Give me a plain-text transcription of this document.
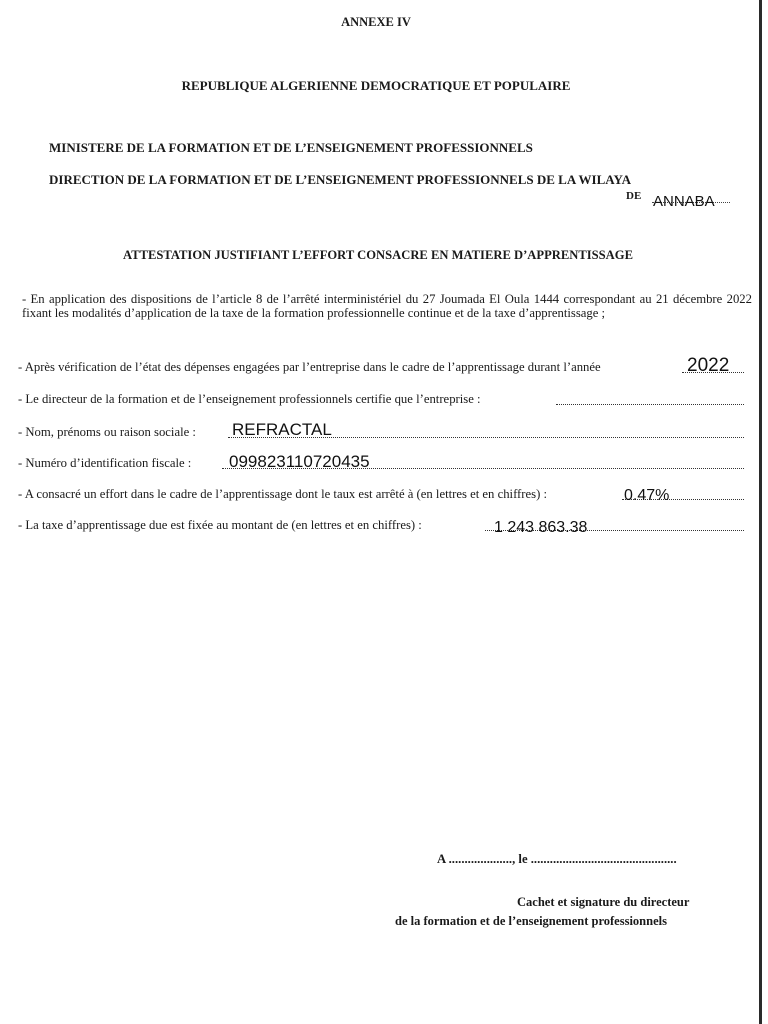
ANNEXE IV
REPUBLIQUE ALGERIENNE DEMOCRATIQUE ET POPULAIRE
MINISTERE DE LA FORMATION ET DE L’ENSEIGNEMENT PROFESSIONNELS
DIRECTION DE LA FORMATION ET DE L’ENSEIGNEMENT PROFESSIONNELS DE LA WILAYA
DE ANNABA
ATTESTATION JUSTIFIANT L’EFFORT CONSACRE EN MATIERE D’APPRENTISSAGE
- En application des dispositions de l’article 8 de l’arrêté interministériel du 27 Joumada El Oula 1444 correspondant au 21 décembre 2022 fixant les modalités d’application de la taxe de la formation professionnelle continue et de la taxe d’apprentissage ;
- Après vérification de l’état des dépenses engagées par l’entreprise dans le cadre de l’apprentissage durant l’année	2022
- Le directeur de la formation et de l’enseignement professionnels certifie que l’entreprise :
- Nom, prénoms ou raison sociale : REFRACTAL
- Numéro d’identification fiscale : 099823110720435
- A consacré un effort dans le cadre de l’apprentissage dont le taux est arrêté à (en lettres et en chiffres) :	0.47%
- La taxe d’apprentissage due est fixée au montant de (en lettres et en chiffres) :	1 243 863.38
A ...................., le ..............................................
Cachet et signature du directeur
de la formation et de l’enseignement professionnels
